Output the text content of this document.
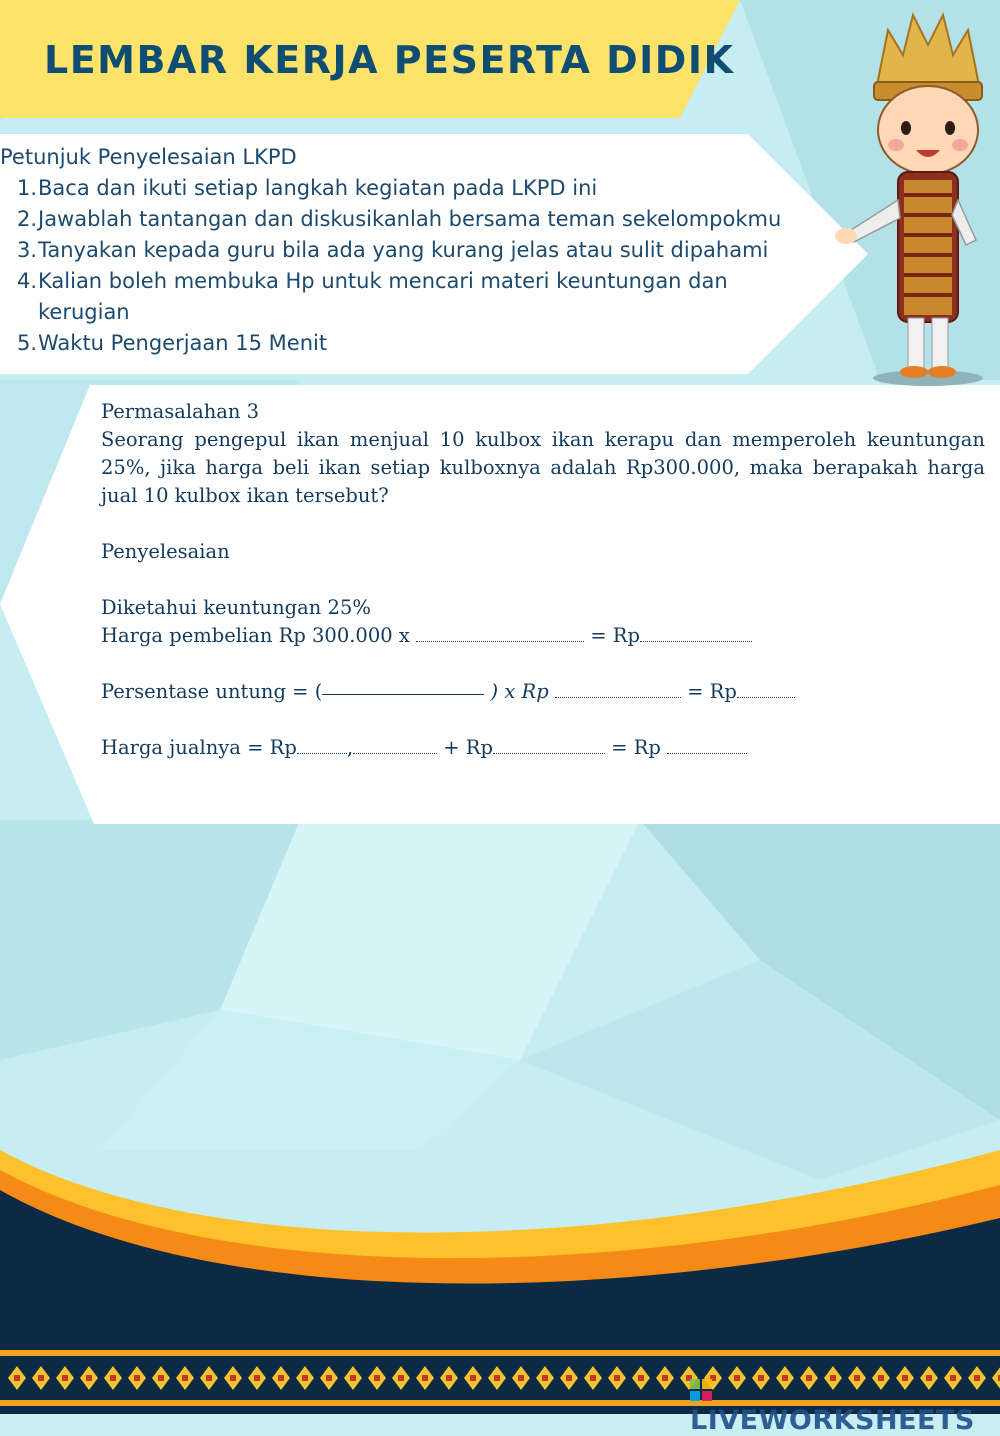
LEMBAR KERJA PESERTA DIDIK

Petunjuk Penyelesaian LKPD

1. Baca dan ikuti setiap langkah kegiatan pada LKPD ini
2. Jawablah tantangan dan diskusikanlah bersama teman sekelompokmu
3. Tanyakan kepada guru bila ada yang kurang jelas atau sulit dipahami
4. Kalian boleh membuka Hp untuk mencari materi keuntungan dan kerugian
5. Waktu Pengerjaan 15 Menit

Permasalahan 3

Seorang pengepul ikan menjual 10 kulbox ikan kerapu dan memperoleh keuntungan 25%, jika harga beli ikan setiap kulboxnya adalah Rp300.000, maka berapakah harga jual 10 kulbox ikan tersebut?

Penyelesaian

Diketahui keuntungan 25%

Harga pembelian Rp 300.000 x	= Rp

Persentase untung = (	) x Rp	= Rp

Harga jualnya = Rp	,	+ Rp	= Rp

LIVEWORKSHEETS
